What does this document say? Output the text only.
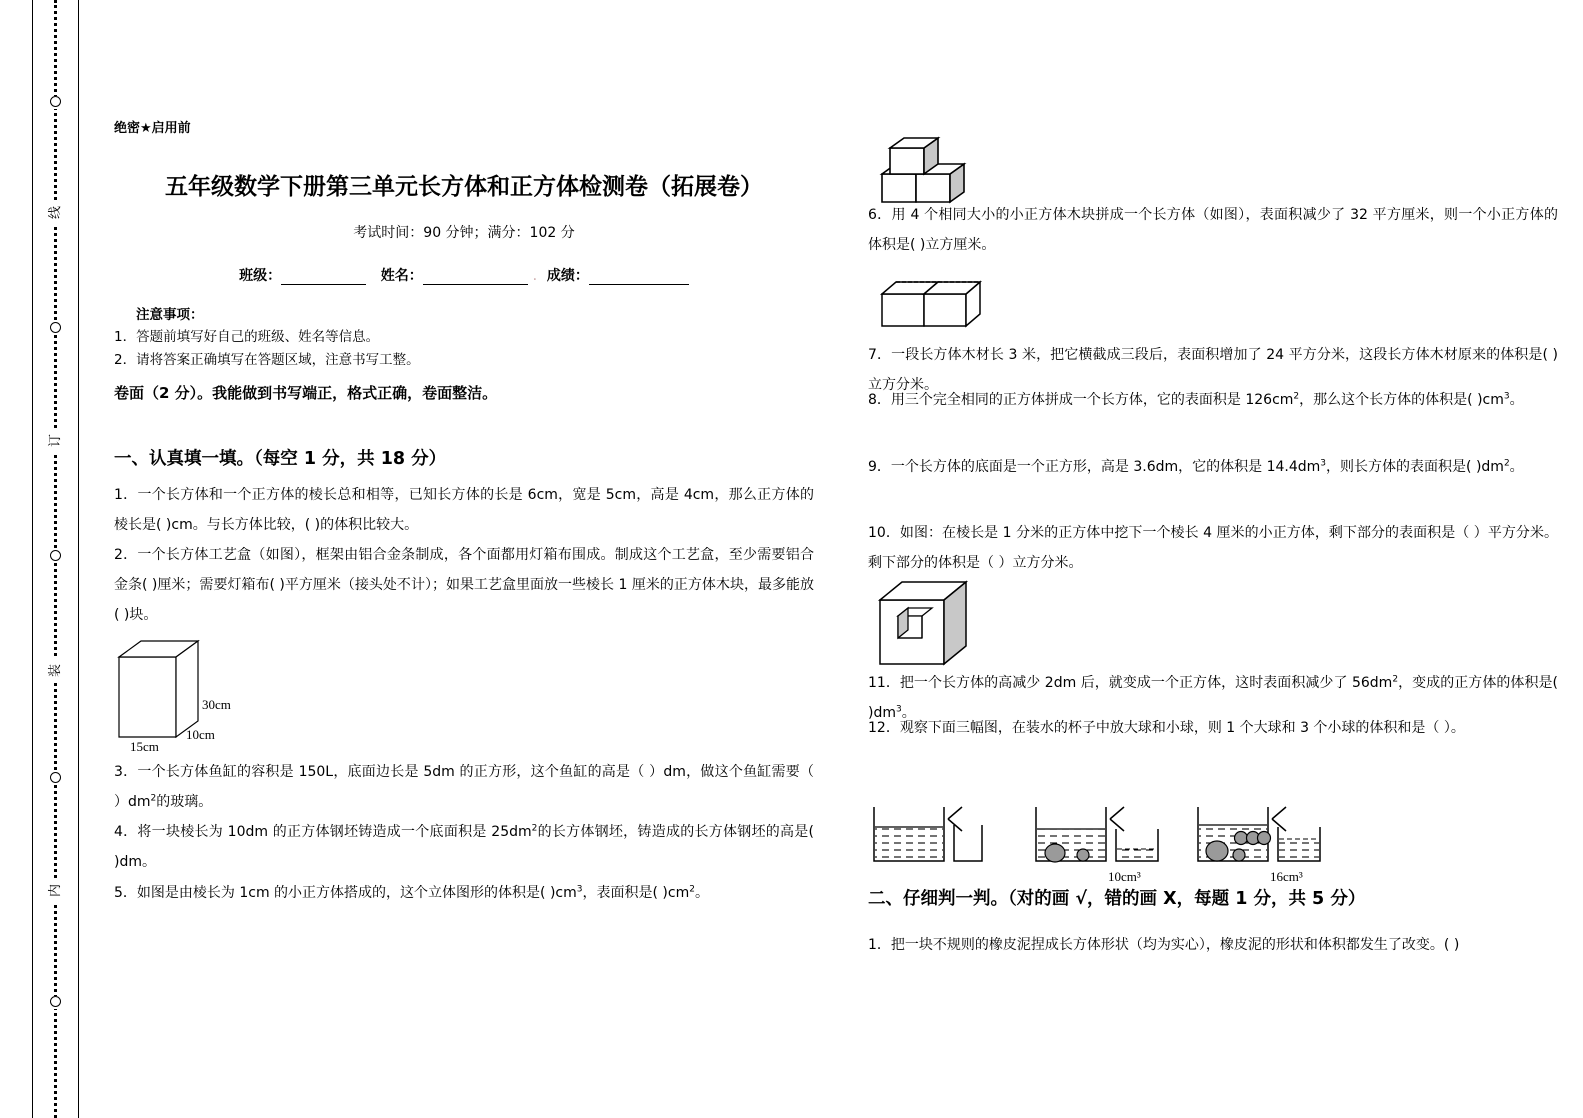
线
订
装
内
绝密★启用前
五年级数学下册第三单元长方体和正方体检测卷（拓展卷）
考试时间：90 分钟；满分：102 分
班级：	姓名：	. 成绩：
注意事项：
1．答题前填写好自己的班级、姓名等信息。
2．请将答案正确填写在答题区域，注意书写工整。
卷面（2 分）。我能做到书写端正，格式正确，卷面整洁。
一、认真填一填。（每空 1 分，共 18 分）
1．一个长方体和一个正方体的棱长总和相等，已知长方体的长是 6cm，宽是 5cm，高是 4cm，那么正方体的棱长是( )cm。与长方体比较，( )的体积比较大。
2．一个长方体工艺盒（如图），框架由铝合金条制成，各个面都用灯箱布围成。制成这个工艺盒，至少需要铝合金条( )厘米；需要灯箱布( )平方厘米（接头处不计）；如果工艺盒里面放一些棱长 1 厘米的正方体木块，最多能放( )块。
30cm
10cm
15cm
3．一个长方体鱼缸的容积是 150L，底面边长是 5dm 的正方形，这个鱼缸的高是（ ）dm，做这个鱼缸需要（ ）$dm^2$的玻璃。
4．将一块棱长为 10dm 的正方体钢坯铸造成一个底面积是 $25dm^2$的长方体钢坯，铸造成的长方体钢坯的高是( )dm。
5．如图是由棱长为 1cm 的小正方体搭成的，这个立体图形的体积是( )$cm^3$，表面积是( )$cm^2$。
6．用 4 个相同大小的小正方体木块拼成一个长方体（如图），表面积减少了 32 平方厘米，则一个小正方体的体积是( )立方厘米。
7．一段长方体木材长 3 米，把它横截成三段后，表面积增加了 24 平方分米，这段长方体木材原来的体积是( )立方分米。
8．用三个完全相同的正方体拼成一个长方体，它的表面积是 $126cm^2$，那么这个长方体的体积是( )$cm^3$。
9．一个长方体的底面是一个正方形，高是 3.6dm，它的体积是 $14.4dm^3$，则长方体的表面积是( )$dm^2$。
10．如图：在棱长是 1 分米的正方体中挖下一个棱长 4 厘米的小正方体，剩下部分的表面积是（ ）平方分米。剩下部分的体积是（ ）立方分米。
11．把一个长方体的高减少 2dm 后，就变成一个正方体，这时表面积减少了 $56dm^2$，变成的正方体的体积是( )$dm^3$。
12．观察下面三幅图，在装水的杯子中放大球和小球，则 1 个大球和 3 个小球的体积和是（ ）。
10cm³	16cm³
二、仔细判一判。（对的画 √，错的画 X，每题 1 分，共 5 分）
1．把一块不规则的橡皮泥捏成长方体形状（均为实心），橡皮泥的形状和体积都发生了改变。( )
